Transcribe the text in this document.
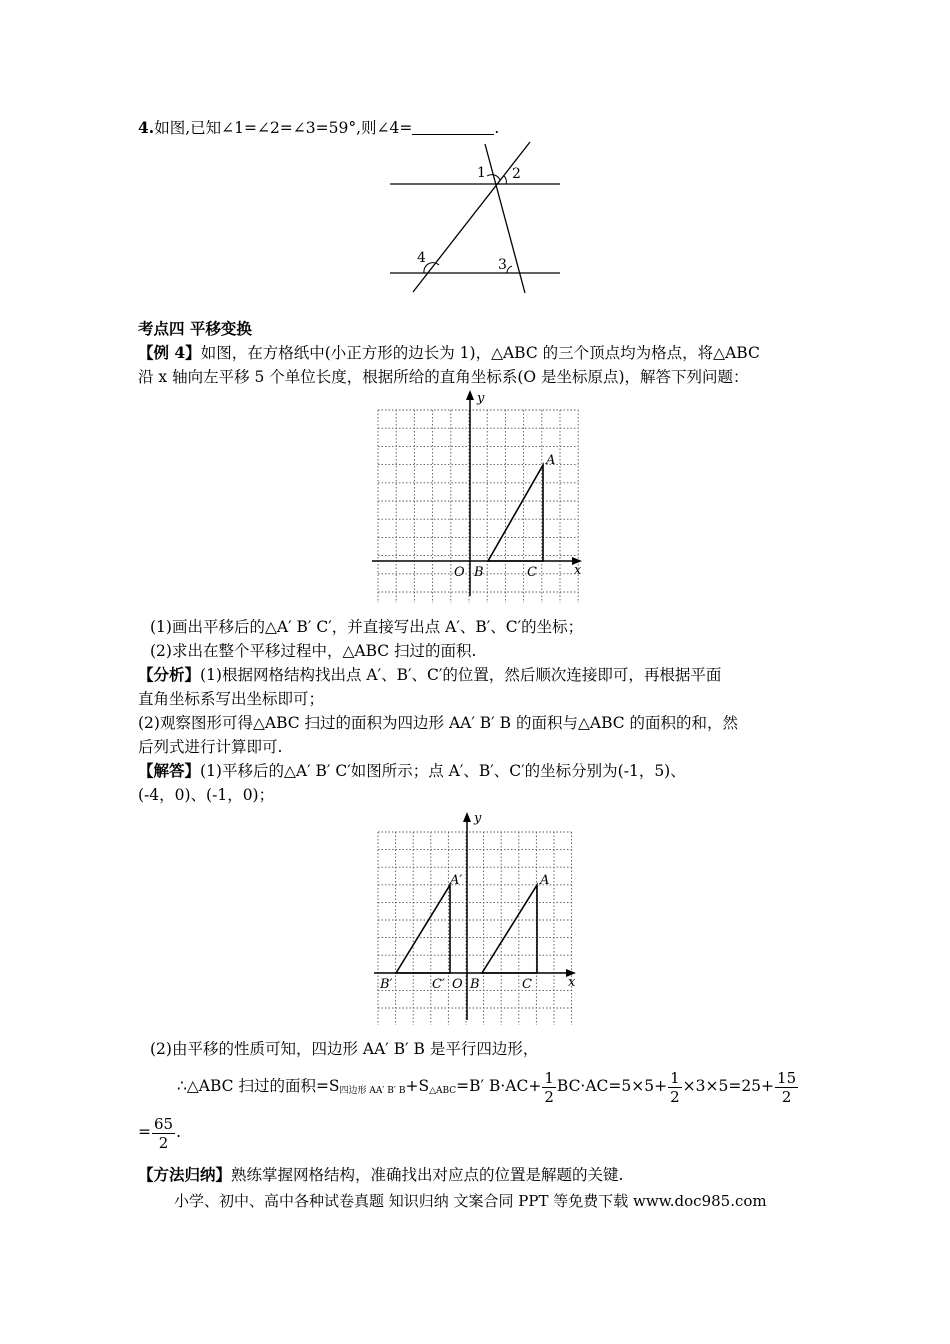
4.如图,已知∠1=∠2=∠3=59°,则∠4=	.
1 2
3
4
考点四 平移变换
【例 4】如图，在方格纸中(小正方形的边长为 1)，△ABC 的三个顶点均为格点，将△ABC
沿 x 轴向左平移 5 个单位长度，根据所给的直角坐标系(O 是坐标原点)，解答下列问题：
y
x
A
B	C
O
(1)画出平移后的△A′ B′ C′，并直接写出点 A′、B′、C′的坐标；
(2)求出在整个平移过程中，△ABC 扫过的面积.
【分析】(1)根据网格结构找出点 A′、B′、C′的位置，然后顺次连接即可，再根据平面
直角坐标系写出坐标即可；
(2)观察图形可得△ABC 扫过的面积为四边形 AA′ B′ B 的面积与△ABC 的面积的和，然
后列式进行计算即可.
【解答】(1)平移后的△A′ B′ C′如图所示；点 A′、B′、C′的坐标分别为(-1，5)、
(-4，0)、(-1，0)；
y
x
A
B	C
O
A′
B′	C′
(2)由平移的性质可知，四边形 AA′ B′ B 是平行四边形，
∴△ABC 扫过的面积$=S_{四边形 AA' B' B}+S_{\triangle ABC}=B'$ $B\cdot AC+ \frac{1}{2} BC\cdot AC=5\times 5+ \frac{1}{2} \times 3\times 5=25+ \frac{15}{2}$
= $\frac{65}{2}$ .
【方法归纳】熟练掌握网格结构，准确找出对应点的位置是解题的关键.
小学、初中、高中各种试卷真题 知识归纳 文案合同 PPT 等免费下载 www.doc985.com
